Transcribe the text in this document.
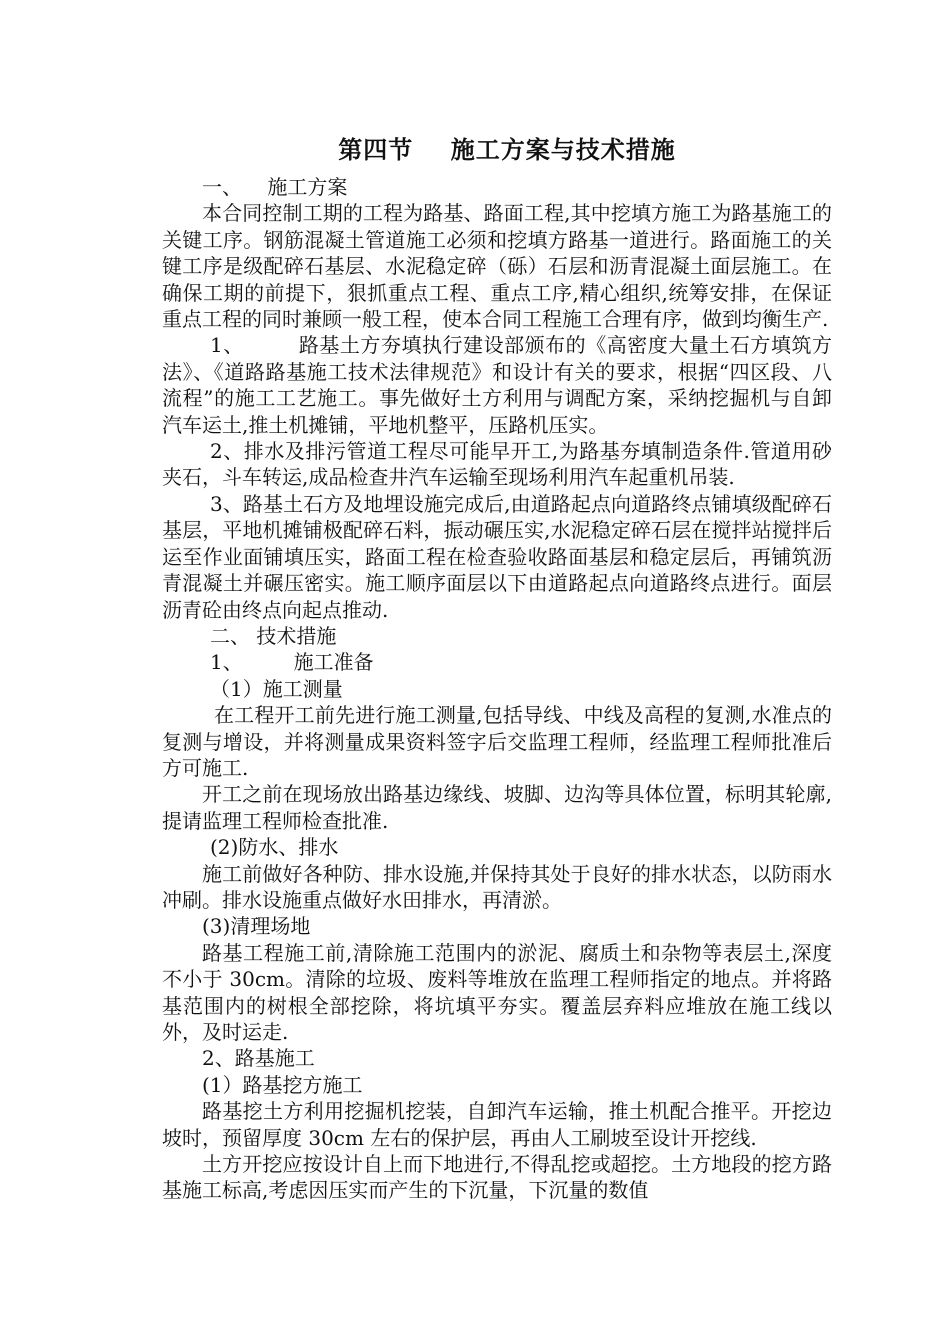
第四节    施工方案与技术措施

一、    施工方案

本合同控制工期的工程为路基、路面工程,其中挖填方施工为路基施工的关键工序。钢筋混凝土管道施工必须和挖填方路基一道进行。路面施工的关键工序是级配碎石基层、水泥稳定碎（砾）石层和沥青混凝土面层施工。在确保工期的前提下，狠抓重点工程、重点工序,精心组织,统筹安排，在保证重点工程的同时兼顾一般工程，使本合同工程施工合理有序，做到均衡生产.

1、        路基土方夯填执行建设部颁布的《高密度大量土石方填筑方法》、《道路路基施工技术法律规范》和设计有关的要求，根据“四区段、八流程”的施工工艺施工。事先做好土方利用与调配方案，采纳挖掘机与自卸汽车运土,推土机摊铺，平地机整平，压路机压实。

2、排水及排污管道工程尽可能早开工,为路基夯填制造条件.管道用砂夹石，斗车转运,成品检查井汽车运输至现场利用汽车起重机吊装.

3、路基土石方及地埋设施完成后,由道路起点向道路终点铺填级配碎石基层，平地机摊铺极配碎石料，振动碾压实,水泥稳定碎石层在搅拌站搅拌后运至作业面铺填压实，路面工程在检查验收路面基层和稳定层后，再铺筑沥青混凝土并碾压密实。施工顺序面层以下由道路起点向道路终点进行。面层沥青砼由终点向起点推动.

二、 技术措施

1、        施工准备

（1）施工测量

在工程开工前先进行施工测量,包括导线、中线及高程的复测,水准点的复测与增设，并将测量成果资料签字后交监理工程师，经监理工程师批准后方可施工.

开工之前在现场放出路基边缘线、坡脚、边沟等具体位置，标明其轮廓,提请监理工程师检查批准.

(2)防水、排水

施工前做好各种防、排水设施,并保持其处于良好的排水状态，以防雨水冲刷。排水设施重点做好水田排水，再清淤。

(3)清理场地

路基工程施工前,清除施工范围内的淤泥、腐质土和杂物等表层土,深度不小于 30cm。清除的垃圾、废料等堆放在监理工程师指定的地点。并将路基范围内的树根全部挖除，将坑填平夯实。覆盖层弃料应堆放在施工线以外，及时运走.

2、路基施工

(1）路基挖方施工

路基挖土方利用挖掘机挖装，自卸汽车运输，推土机配合推平。开挖边坡时，预留厚度 30cm 左右的保护层，再由人工刷坡至设计开挖线.

土方开挖应按设计自上而下地进行,不得乱挖或超挖。土方地段的挖方路基施工标高,考虑因压实而产生的下沉量，下沉量的数值
